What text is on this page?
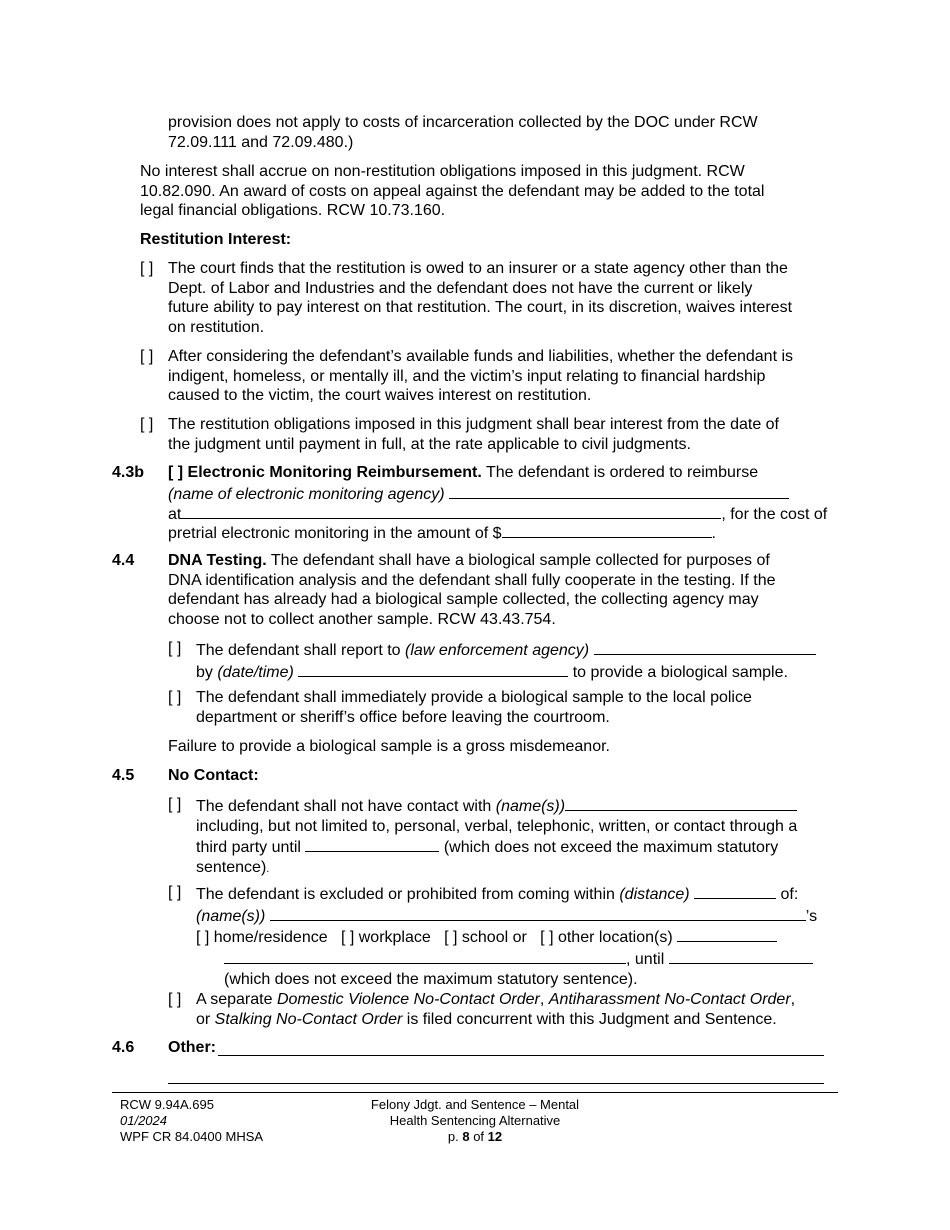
provision does not apply to costs of incarceration collected by the DOC under RCW
72.09.111 and 72.09.480.)
No interest shall accrue on non-restitution obligations imposed in this judgment. RCW
10.82.090. An award of costs on appeal against the defendant may be added to the total
legal financial obligations. RCW 10.73.160.
Restitution Interest:
[ ] The court finds that the restitution is owed to an insurer or a state agency other than the
Dept. of Labor and Industries and the defendant does not have the current or likely
future ability to pay interest on that restitution. The court, in its discretion, waives interest
on restitution.
[ ] After considering the defendant’s available funds and liabilities, whether the defendant is
indigent, homeless, or mentally ill, and the victim’s input relating to financial hardship
caused to the victim, the court waives interest on restitution.
[ ] The restitution obligations imposed in this judgment shall bear interest from the date of
the judgment until payment in full, at the rate applicable to civil judgments.
4.3b [ ] Electronic Monitoring Reimbursement. The defendant is ordered to reimburse
(name of electronic monitoring agency)
at	, for the cost of
pretrial electronic monitoring in the amount of $	.
4.4 DNA Testing. The defendant shall have a biological sample collected for purposes of
DNA identification analysis and the defendant shall fully cooperate in the testing. If the
defendant has already had a biological sample collected, the collecting agency may
choose not to collect another sample. RCW 43.43.754.
[ ] The defendant shall report to (law enforcement agency)
by (date/time)	to provide a biological sample.
[ ] The defendant shall immediately provide a biological sample to the local police
department or sheriff’s office before leaving the courtroom.
Failure to provide a biological sample is a gross misdemeanor.
4.5 No Contact:
[ ] The defendant shall not have contact with (name(s))
including, but not limited to, personal, verbal, telephonic, written, or contact through a
third party until	(which does not exceed the maximum statutory
sentence).
[ ] The defendant is excluded or prohibited from coming within (distance)	of:
(name(s))	’s
[ ] home/residence [ ] workplace [ ] school or [ ] other location(s)
, until
(which does not exceed the maximum statutory sentence).
[ ] A separate Domestic Violence No-Contact Order, Antiharassment No-Contact Order,
or Stalking No-Contact Order is filed concurrent with this Judgment and Sentence.
4.6 Other:
RCW 9.94A.695
01/2024
WPF CR 84.0400 MHSA
Felony Jdgt. and Sentence – Mental
Health Sentencing Alternative
p. 8 of 12
